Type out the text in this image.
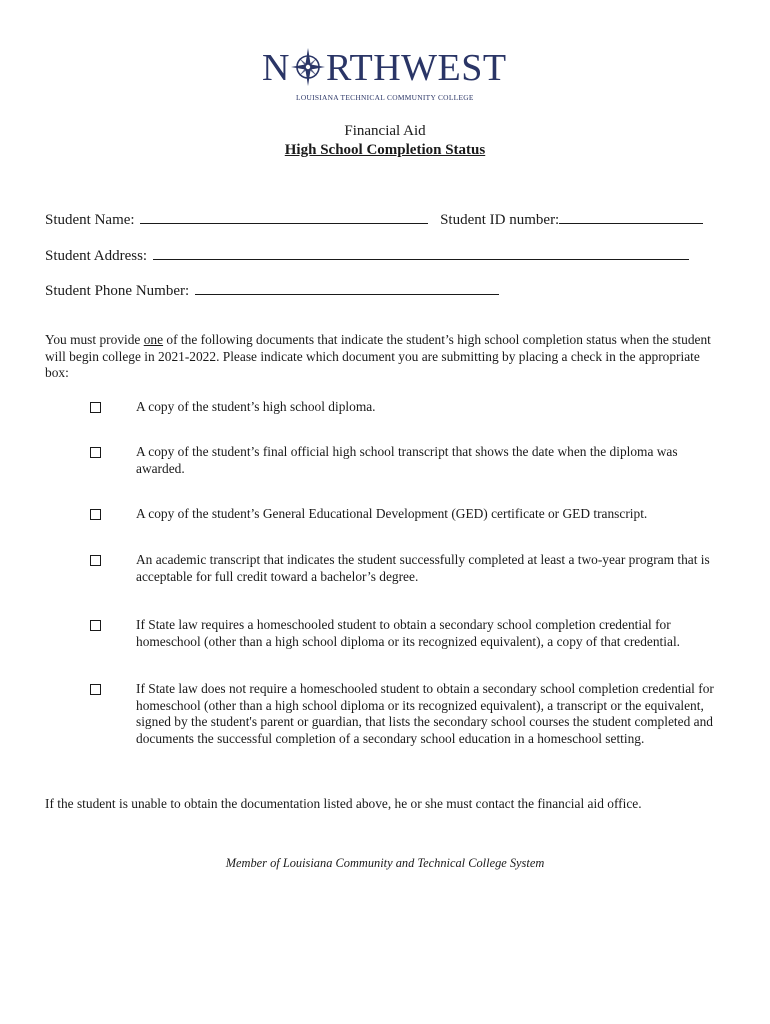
N RTHWEST
LOUISIANA TECHNICAL COMMUNITY COLLEGE
Financial Aid
High School Completion Status
Student Name:	Student ID number:
Student Address:
Student Phone Number:
You must provide one of the following documents that indicate the student’s high school completion status when the student will begin college in 2021-2022. Please indicate which document you are submitting by placing a check in the appropriate box:
A copy of the student’s high school diploma.
A copy of the student’s final official high school transcript that shows the date when the diploma was awarded.
A copy of the student’s General Educational Development (GED) certificate or GED transcript.
An academic transcript that indicates the student successfully completed at least a two-year program that is acceptable for full credit toward a bachelor’s degree.
If State law requires a homeschooled student to obtain a secondary school completion credential for homeschool (other than a high school diploma or its recognized equivalent), a copy of that credential.
If State law does not require a homeschooled student to obtain a secondary school completion credential for homeschool (other than a high school diploma or its recognized equivalent), a transcript or the equivalent, signed by the student's parent or guardian, that lists the secondary school courses the student completed and documents the successful completion of a secondary school education in a homeschool setting.
If the student is unable to obtain the documentation listed above, he or she must contact the financial aid office.
Member of Louisiana Community and Technical College System
